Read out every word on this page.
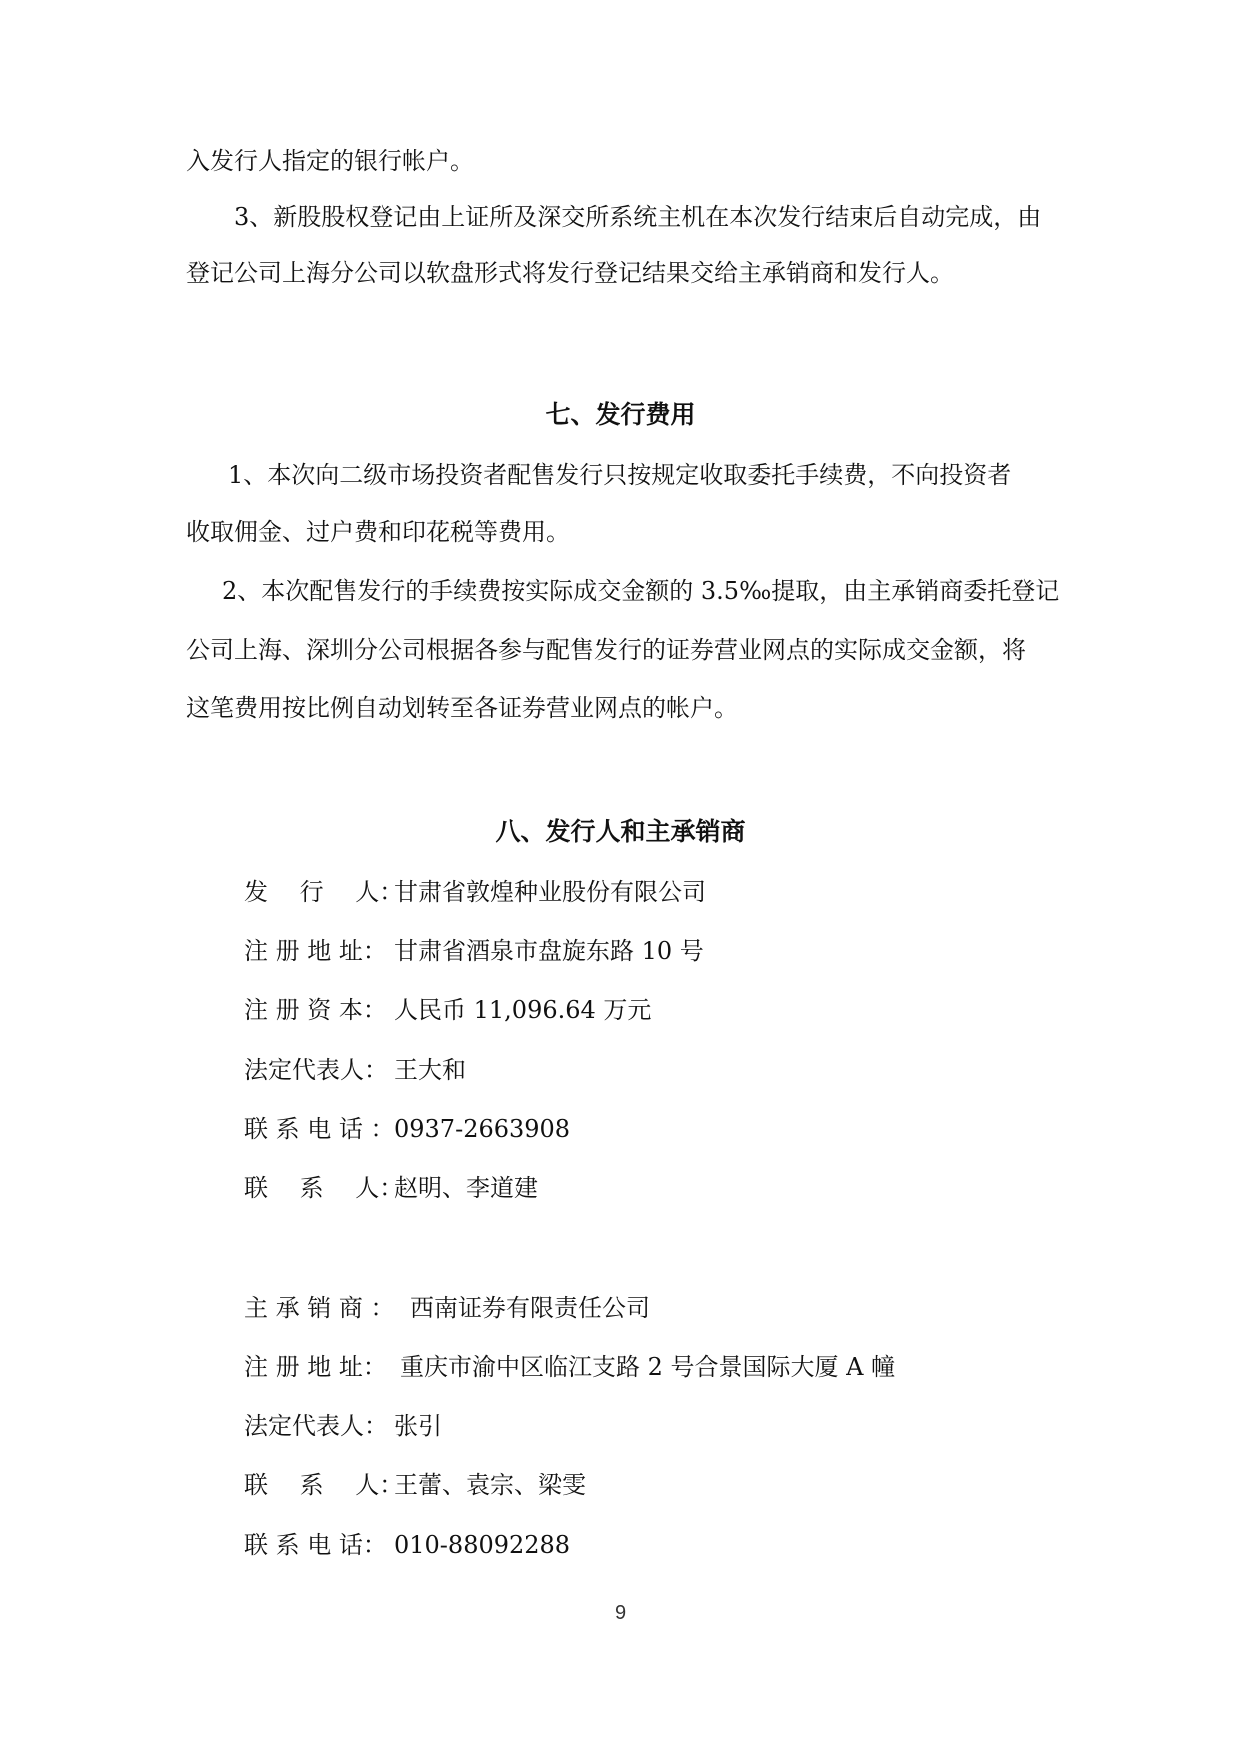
入发行人指定的银行帐户。
3、新股股权登记由上证所及深交所系统主机在本次发行结束后自动完成，由
登记公司上海分公司以软盘形式将发行登记结果交给主承销商和发行人。
七、发行费用
1、本次向二级市场投资者配售发行只按规定收取委托手续费，不向投资者
收取佣金、过户费和印花税等费用。
2、本次配售发行的手续费按实际成交金额的 3.5‰提取，由主承销商委托登记
公司上海、深圳分公司根据各参与配售发行的证券营业网点的实际成交金额，将
这笔费用按比例自动划转至各证券营业网点的帐户。
八、发行人和主承销商
发　 行　 人：甘肃省敦煌种业股份有限公司
注 册 地 址： 甘肃省酒泉市盘旋东路 10 号
注 册 资 本： 人民币 11,096.64 万元
法定代表人： 王大和
联 系 电 话 ：0937-2663908
联　 系　 人：赵明、李道建
主 承 销 商 ： 西南证券有限责任公司
注 册 地 址： 重庆市渝中区临江支路 2 号合景国际大厦 A 幢
法定代表人： 张引
联　 系　 人：王蕾、袁宗、梁雯
联 系 电 话： 010-88092288
9
